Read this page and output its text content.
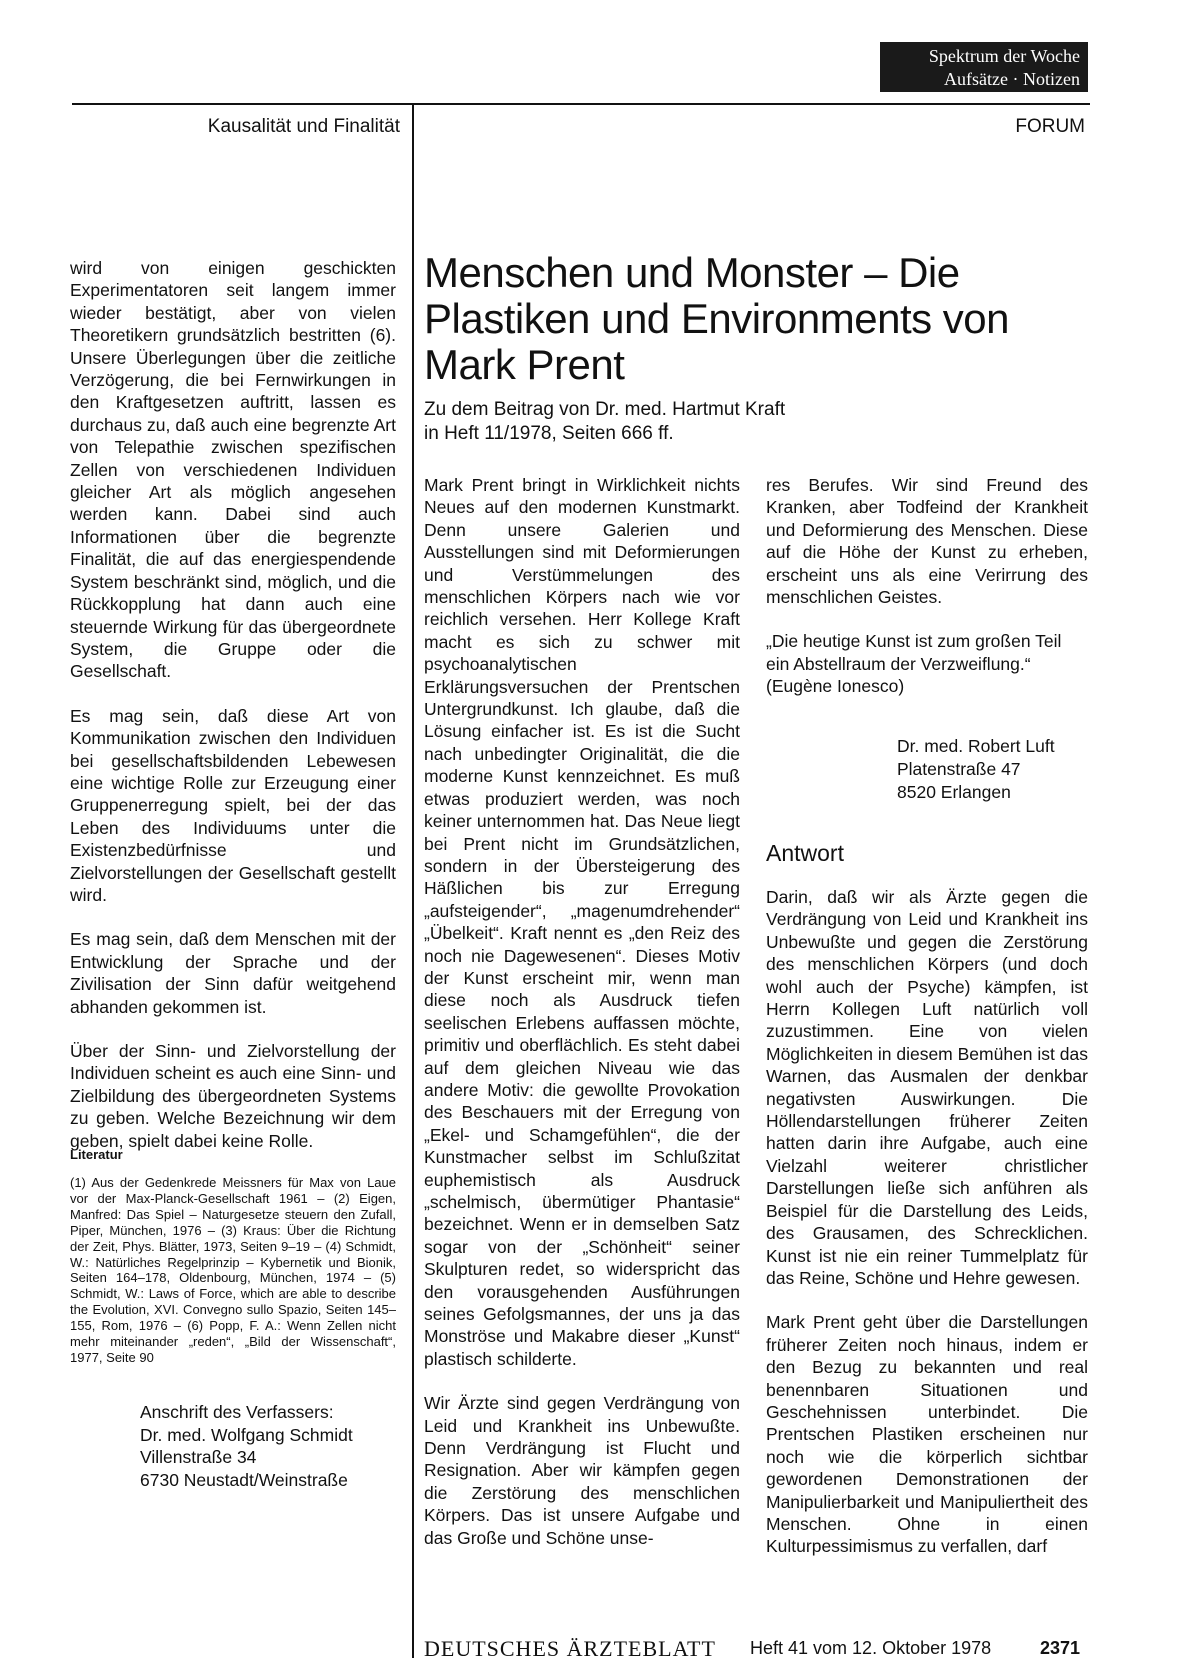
Spektrum der Woche
Aufsätze · Notizen
Kausalität und Finalität	FORUM

wird von einigen geschickten Experimentatoren seit langem immer wieder bestätigt, aber von vielen Theoretikern grundsätzlich bestritten (6). Unsere Überlegungen über die zeitliche Verzögerung, die bei Fernwirkungen in den Kraftgesetzen auftritt, lassen es durchaus zu, daß auch eine begrenzte Art von Telepathie zwischen spezifischen Zellen von verschiedenen Individuen gleicher Art als möglich angesehen werden kann. Dabei sind auch Informationen über die begrenzte Finalität, die auf das energiespendende System beschränkt sind, möglich, und die Rückkopplung hat dann auch eine steuernde Wirkung für das übergeordnete System, die Gruppe oder die Gesellschaft.

Es mag sein, daß diese Art von Kommunikation zwischen den Individuen bei gesellschaftsbildenden Lebewesen eine wichtige Rolle zur Erzeugung einer Gruppenerregung spielt, bei der das Leben des Individuums unter die Existenzbedürfnisse und Zielvorstellungen der Gesellschaft gestellt wird.

Es mag sein, daß dem Menschen mit der Entwicklung der Sprache und der Zivilisation der Sinn dafür weitgehend abhanden gekommen ist.

Über der Sinn- und Zielvorstellung der Individuen scheint es auch eine Sinn- und Zielbildung des übergeordneten Systems zu geben. Welche Bezeichnung wir dem geben, spielt dabei keine Rolle.

Literatur
(1) Aus der Gedenkrede Meissners für Max von Laue vor der Max-Planck-Gesellschaft 1961 – (2) Eigen, Manfred: Das Spiel – Naturgesetze steuern den Zufall, Piper, München, 1976 – (3) Kraus: Über die Richtung der Zeit, Phys. Blätter, 1973, Seiten 9–19 – (4) Schmidt, W.: Natürliches Regelprinzip – Kybernetik und Bionik, Seiten 164–178, Oldenbourg, München, 1974 – (5) Schmidt, W.: Laws of Force, which are able to describe the Evolution, XVI. Convegno sullo Spazio, Seiten 145–155, Rom, 1976 – (6) Popp, F. A.: Wenn Zellen nicht mehr miteinander „reden“, „Bild der Wissenschaft“, 1977, Seite 90
Anschrift des Verfassers:
Dr. med. Wolfgang Schmidt
Villenstraße 34
6730 Neustadt/Weinstraße
Menschen und Monster – Die Plastiken und Environments von Mark Prent
Zu dem Beitrag von Dr. med. Hartmut Kraft
in Heft 11/1978, Seiten 666 ff.

Mark Prent bringt in Wirklichkeit nichts Neues auf den modernen Kunstmarkt. Denn unsere Galerien und Ausstellungen sind mit Deformierungen und Verstümmelungen des menschlichen Körpers nach wie vor reichlich versehen. Herr Kollege Kraft macht es sich zu schwer mit psychoanalytischen Erklärungsversuchen der Prentschen Untergrundkunst. Ich glaube, daß die Lösung einfacher ist. Es ist die Sucht nach unbedingter Originalität, die die moderne Kunst kennzeichnet. Es muß etwas produziert werden, was noch keiner unternommen hat. Das Neue liegt bei Prent nicht im Grundsätzlichen, sondern in der Übersteigerung des Häßlichen bis zur Erregung „aufsteigender“, „magenumdrehender“ „Übelkeit“. Kraft nennt es „den Reiz des noch nie Dagewesenen“. Dieses Motiv der Kunst erscheint mir, wenn man diese noch als Ausdruck tiefen seelischen Erlebens auffassen möchte, primitiv und oberflächlich. Es steht dabei auf dem gleichen Niveau wie das andere Motiv: die gewollte Provokation des Beschauers mit der Erregung von „Ekel- und Schamgefühlen“, die der Kunstmacher selbst im Schlußzitat euphemistisch als Ausdruck „schelmisch, übermütiger Phantasie“ bezeichnet. Wenn er in demselben Satz sogar von der „Schönheit“ seiner Skulpturen redet, so widerspricht das den vorausgehenden Ausführungen seines Gefolgsmannes, der uns ja das Monströse und Makabre dieser „Kunst“ plastisch schilderte.

Wir Ärzte sind gegen Verdrängung von Leid und Krankheit ins Unbewußte. Denn Verdrängung ist Flucht und Resignation. Aber wir kämpfen gegen die Zerstörung des menschlichen Körpers. Das ist unsere Aufgabe und das Große und Schöne unse-

res Berufes. Wir sind Freund des Kranken, aber Todfeind der Krankheit und Deformierung des Menschen. Diese auf die Höhe der Kunst zu erheben, erscheint uns als eine Verirrung des menschlichen Geistes.

„Die heutige Kunst ist zum großen Teil ein Abstellraum der Verzweiflung.“ (Eugène Ionesco)

Dr. med. Robert Luft
Platenstraße 47
8520 Erlangen
Antwort

Darin, daß wir als Ärzte gegen die Verdrängung von Leid und Krankheit ins Unbewußte und gegen die Zerstörung des menschlichen Körpers (und doch wohl auch der Psyche) kämpfen, ist Herrn Kollegen Luft natürlich voll zuzustimmen. Eine von vielen Möglichkeiten in diesem Bemühen ist das Warnen, das Ausmalen der denkbar negativsten Auswirkungen. Die Höllendarstellungen früherer Zeiten hatten darin ihre Aufgabe, auch eine Vielzahl weiterer christlicher Darstellungen ließe sich anführen als Beispiel für die Darstellung des Leids, des Grausamen, des Schrecklichen. Kunst ist nie ein reiner Tummelplatz für das Reine, Schöne und Hehre gewesen.

Mark Prent geht über die Darstellungen früherer Zeiten noch hinaus, indem er den Bezug zu bekannten und real benennbaren Situationen und Geschehnissen unterbindet. Die Prentschen Plastiken erscheinen nur noch wie die körperlich sichtbar gewordenen Demonstrationen der Manipulierbarkeit und Manipuliertheit des Menschen. Ohne in einen Kulturpessimismus zu verfallen, darf

DEUTSCHES ÄRZTEBLATT Heft 41 vom 12. Oktober 1978	2371
